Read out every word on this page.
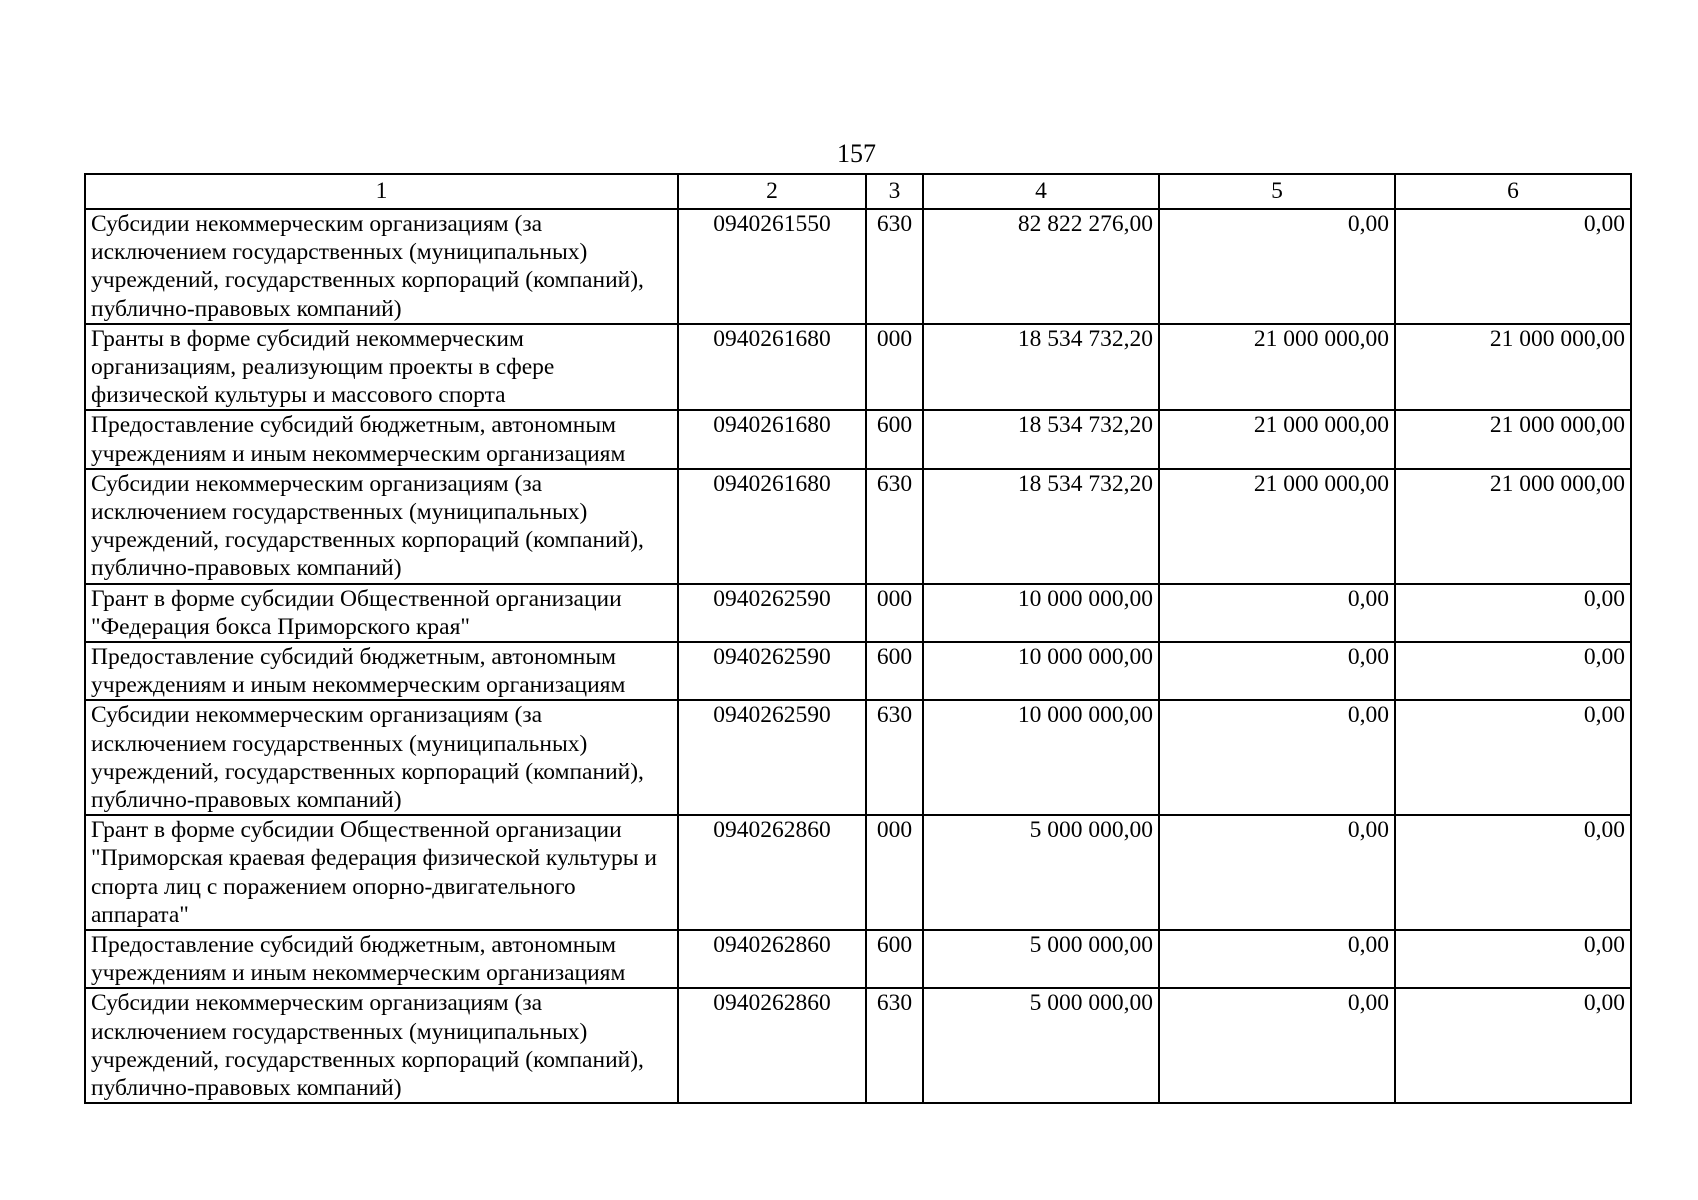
157
1	2	3	4	5	6
Субсидии некоммерческим организациям (за исключением государственных (муниципальных) учреждений, государственных корпораций (компаний), публично-правовых компаний)	0940261550	630	82 822 276,00	0,00	0,00
Гранты в форме субсидий некоммерческим организациям, реализующим проекты в сфере физической культуры и массового спорта	0940261680	000	18 534 732,20	21 000 000,00	21 000 000,00
Предоставление субсидий бюджетным, автономным учреждениям и иным некоммерческим организациям	0940261680	600	18 534 732,20	21 000 000,00	21 000 000,00
Субсидии некоммерческим организациям (за исключением государственных (муниципальных) учреждений, государственных корпораций (компаний), публично-правовых компаний)	0940261680	630	18 534 732,20	21 000 000,00	21 000 000,00
Грант в форме субсидии Общественной организации "Федерация бокса Приморского края"	0940262590	000	10 000 000,00	0,00	0,00
Предоставление субсидий бюджетным, автономным учреждениям и иным некоммерческим организациям	0940262590	600	10 000 000,00	0,00	0,00
Субсидии некоммерческим организациям (за исключением государственных (муниципальных) учреждений, государственных корпораций (компаний), публично-правовых компаний)	0940262590	630	10 000 000,00	0,00	0,00
Грант в форме субсидии Общественной организации "Приморская краевая федерация физической культуры и спорта лиц с поражением опорно-двигательного аппарата"	0940262860	000	5 000 000,00	0,00	0,00
Предоставление субсидий бюджетным, автономным учреждениям и иным некоммерческим организациям	0940262860	600	5 000 000,00	0,00	0,00
Субсидии некоммерческим организациям (за исключением государственных (муниципальных) учреждений, государственных корпораций (компаний), публично-правовых компаний)	0940262860	630	5 000 000,00	0,00	0,00
